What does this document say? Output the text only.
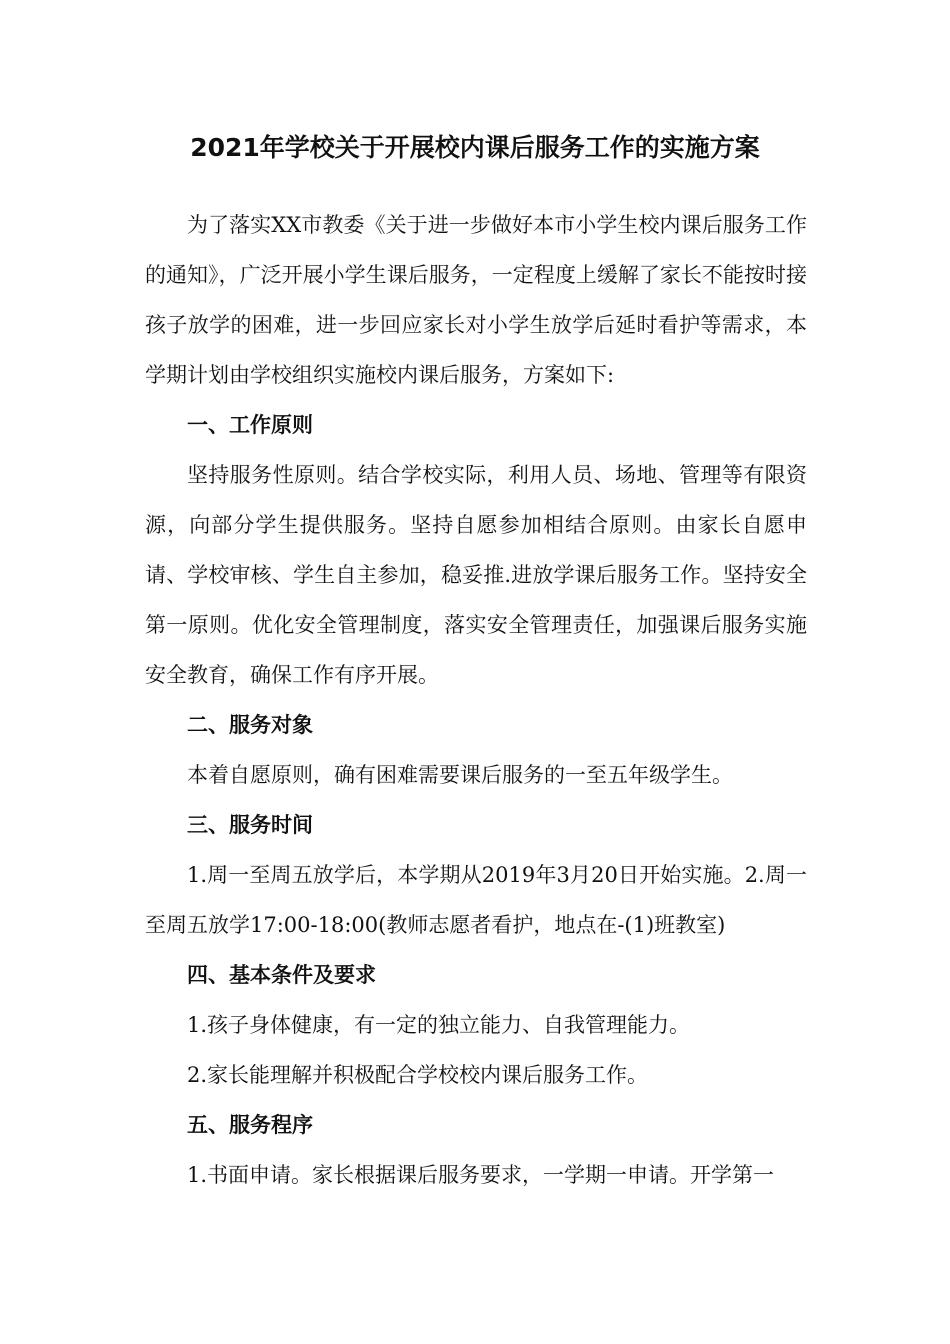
2021年学校关于开展校内课后服务工作的实施方案

为了落实XX市教委《关于进一步做好本市小学生校内课后服务工作的通知》，广泛开展小学生课后服务，一定程度上缓解了家长不能按时接孩子放学的困难，进一步回应家长对小学生放学后延时看护等需求，本学期计划由学校组织实施校内课后服务，方案如下:

一、工作原则

坚持服务性原则。结合学校实际，利用人员、场地、管理等有限资源，向部分学生提供服务。坚持自愿参加相结合原则。由家长自愿申请、学校审核、学生自主参加，稳妥推.进放学课后服务工作。坚持安全第一原则。优化安全管理制度，落实安全管理责任，加强课后服务实施安全教育，确保工作有序开展。

二、服务对象

本着自愿原则，确有困难需要课后服务的一至五年级学生。

三、服务时间

1.周一至周五放学后，本学期从2019年3月20日开始实施。2.周一至周五放学17:00-18:00(教师志愿者看护，地点在-(1)班教室)

四、基本条件及要求

1.孩子身体健康，有一定的独立能力、自我管理能力。

2.家长能理解并积极配合学校校内课后服务工作。

五、服务程序

1.书面申请。家长根据课后服务要求，一学期一申请。开学第一
